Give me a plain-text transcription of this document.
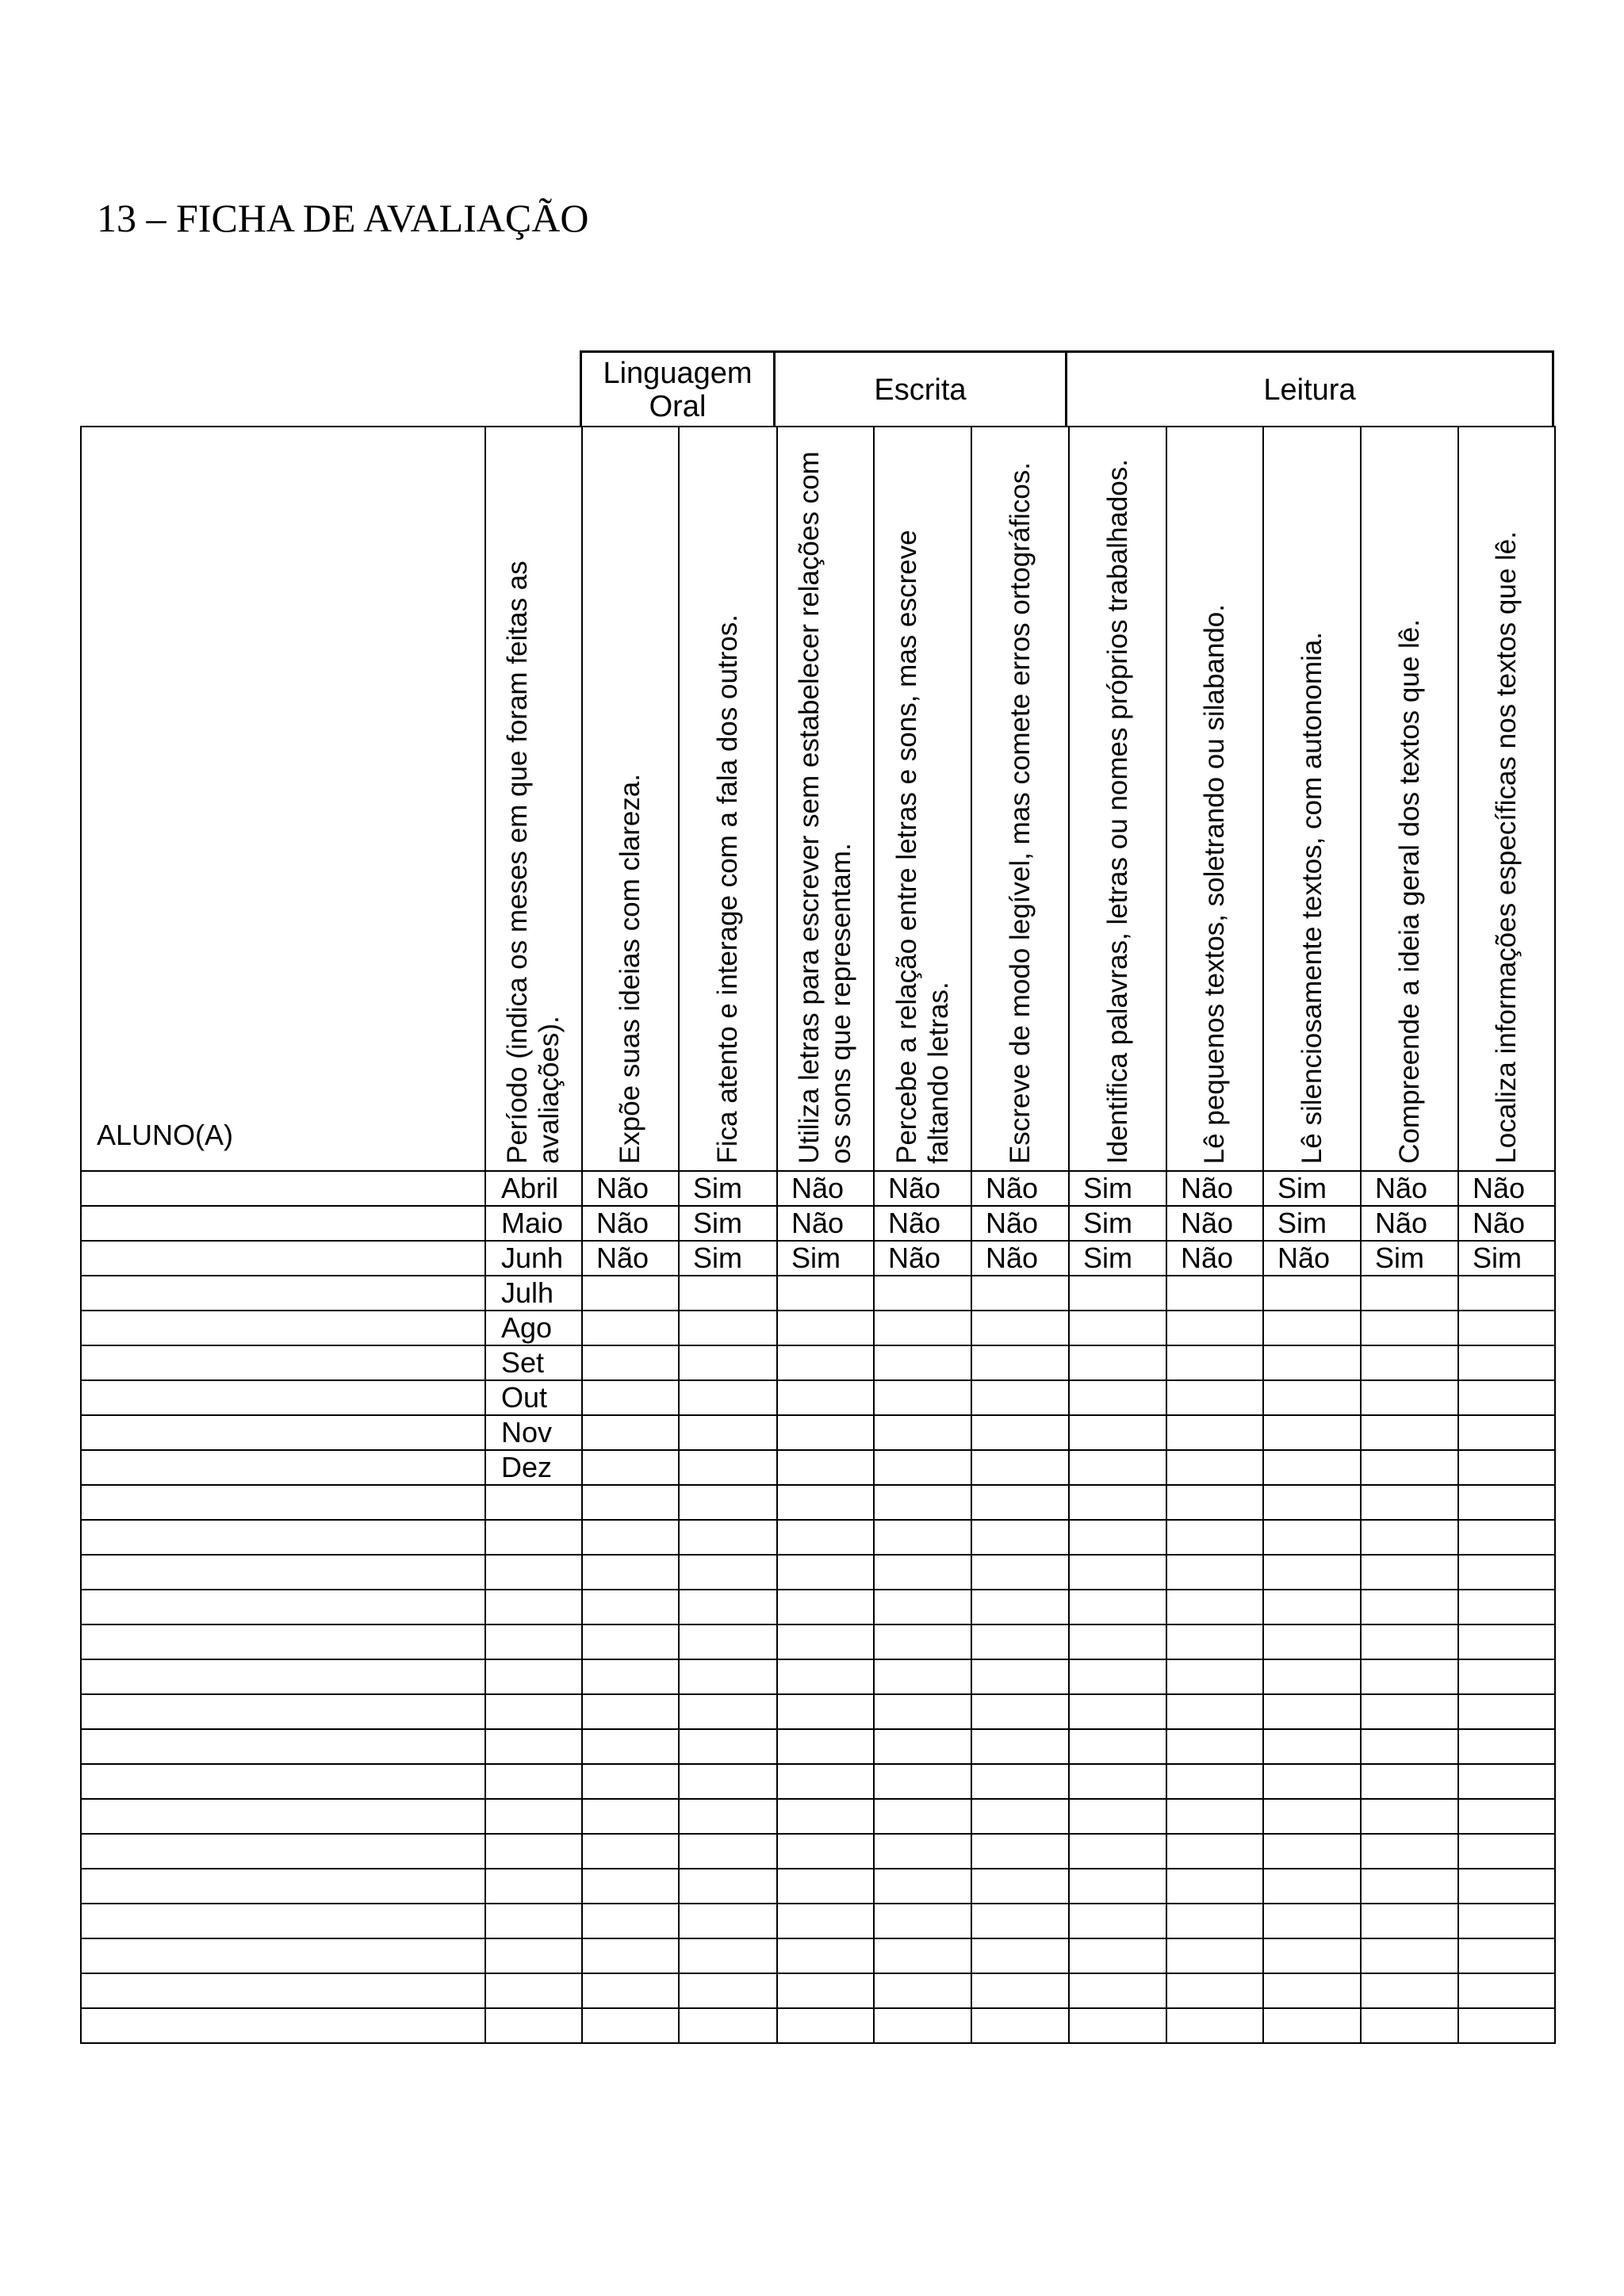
13 – FICHA DE AVALIAÇÃO
Linguagem Oral	Escrita	Leitura
ALUNO(A)	Período (indica os meses em que foram feitas as avaliações).	Expõe suas ideias com clareza.	Fica atento e interage com a fala dos outros.	Utiliza letras para escrever sem estabelecer relações com os sons que representam.	Percebe a relação entre letras e sons, mas escreve faltando letras.	Escreve de modo legível, mas comete erros ortográficos.	Identifica palavras, letras ou nomes próprios trabalhados.	Lê pequenos textos, soletrando ou silabando.	Lê silenciosamente textos, com autonomia.	Compreende a ideia geral dos textos que lê.	Localiza informações específicas nos textos que lê.

	Abril	Não	Sim	Não	Não	Não	Sim	Não	Sim	Não	Não
	Maio	Não	Sim	Não	Não	Não	Sim	Não	Sim	Não	Não
	Junh	Não	Sim	Sim	Não	Não	Sim	Não	Não	Sim	Sim
	Julh										
	Ago										
	Set										
	Out										
	Nov										
	Dez										
